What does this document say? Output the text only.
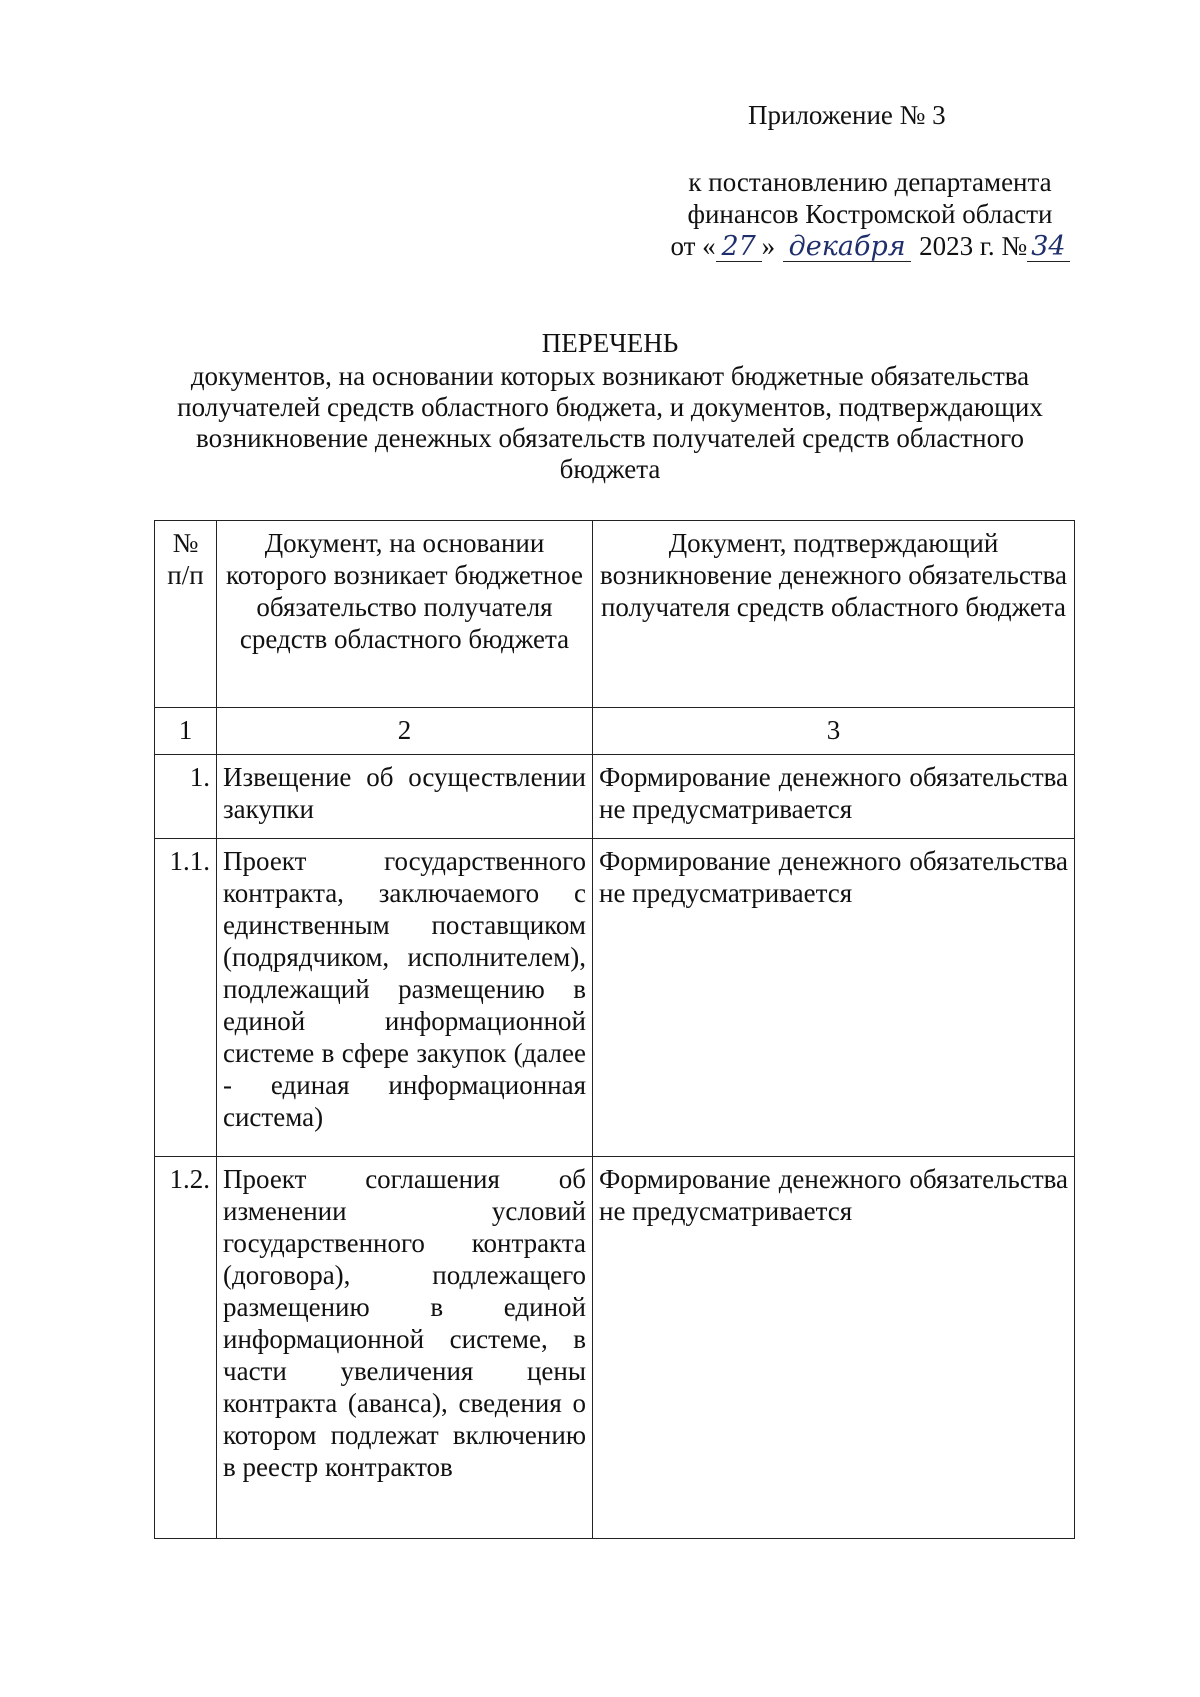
Приложение № 3
к постановлению департамента
финансов Костромской области
от « 27 » декабря 2023 г. № 34
ПЕРЕЧЕНЬ
документов, на основании которых возникают бюджетные обязательства получателей средств областного бюджета, и документов, подтверждающих возникновение денежных обязательств получателей средств областного бюджета
№ п/п	Документ, на основании которого возникает бюджетное обязательство получателя средств областного бюджета	Документ, подтверждающий возникновение денежного обязательства получателя средств областного бюджета
1	2	3
1.	Извещение об осуществлении закупки	Формирование денежного обязательства не предусматривается
1.1.	Проект государственного контракта, заключаемого с единственным поставщиком (подрядчиком, исполнителем), подлежащий размещению в единой информационной системе в сфере закупок (далее - единая информационная система)	Формирование денежного обязательства не предусматривается
1.2.	Проект соглашения об изменении условий государственного контракта (договора), подлежащего размещению в единой информационной системе, в части увеличения цены контракта (аванса), сведения о котором подлежат включению в реестр контрактов	Формирование денежного обязательства не предусматривается
